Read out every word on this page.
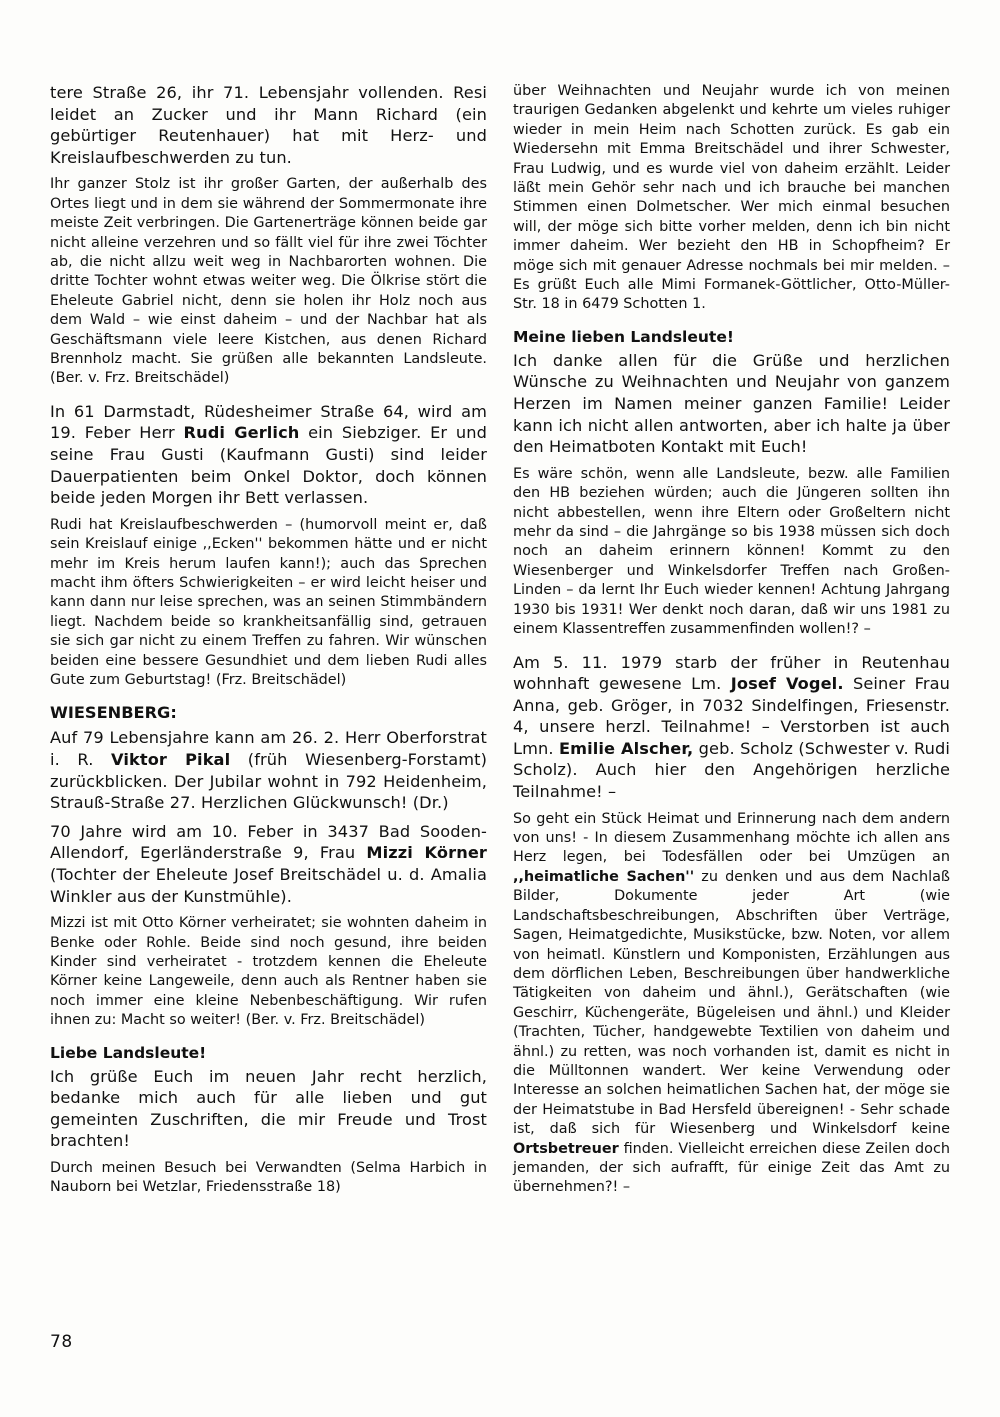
tere Straße 26, ihr 71. Lebensjahr vollenden. Resi leidet an Zucker und ihr Mann Richard (ein gebürtiger Reutenhauer) hat mit Herz- und Kreislaufbeschwerden zu tun.

Ihr ganzer Stolz ist ihr großer Garten, der außerhalb des Ortes liegt und in dem sie während der Sommermonate ihre meiste Zeit verbringen. Die Gartenerträge können beide gar nicht alleine verzehren und so fällt viel für ihre zwei Töchter ab, die nicht allzu weit weg in Nachbarorten wohnen. Die dritte Tochter wohnt etwas weiter weg. Die Ölkrise stört die Eheleute Gabriel nicht, denn sie holen ihr Holz noch aus dem Wald – wie einst daheim – und der Nachbar hat als Geschäftsmann viele leere Kistchen, aus denen Richard Brennholz macht. Sie grüßen alle bekannten Landsleute. (Ber. v. Frz. Breitschädel)

In 61 Darmstadt, Rüdesheimer Straße 64, wird am 19. Feber Herr Rudi Gerlich ein Siebziger. Er und seine Frau Gusti (Kaufmann Gusti) sind leider Dauerpatienten beim Onkel Doktor, doch können beide jeden Morgen ihr Bett verlassen.

Rudi hat Kreislaufbeschwerden – (humorvoll meint er, daß sein Kreislauf einige ,,Ecken'' bekommen hätte und er nicht mehr im Kreis herum laufen kann!); auch das Sprechen macht ihm öfters Schwierigkeiten – er wird leicht heiser und kann dann nur leise sprechen, was an seinen Stimmbändern liegt. Nachdem beide so krankheitsanfällig sind, getrauen sie sich gar nicht zu einem Treffen zu fahren. Wir wünschen beiden eine bessere Gesundhiet und dem lieben Rudi alles Gute zum Geburtstag! (Frz. Breitschädel)

WIESENBERG:

Auf 79 Lebensjahre kann am 26. 2. Herr Oberforstrat i. R. Viktor Pikal (früh Wiesenberg-Forstamt) zurückblicken. Der Jubilar wohnt in 792 Heidenheim, Strauß-Straße 27. Herzlichen Glückwunsch! (Dr.)

70 Jahre wird am 10. Feber in 3437 Bad Sooden-Allendorf, Egerländerstraße 9, Frau Mizzi Körner (Tochter der Eheleute Josef Breitschädel u. d. Amalia Winkler aus der Kunstmühle).

Mizzi ist mit Otto Körner verheiratet; sie wohnten daheim in Benke oder Rohle. Beide sind noch gesund, ihre beiden Kinder sind verheiratet - trotzdem kennen die Eheleute Körner keine Langeweile, denn auch als Rentner haben sie noch immer eine kleine Nebenbeschäftigung. Wir rufen ihnen zu: Macht so weiter! (Ber. v. Frz. Breitschädel)

Liebe Landsleute!

Ich grüße Euch im neuen Jahr recht herzlich, bedanke mich auch für alle lieben und gut gemeinten Zuschriften, die mir Freude und Trost brachten!

Durch meinen Besuch bei Verwandten (Selma Harbich in Nauborn bei Wetzlar, Friedensstraße 18)

über Weihnachten und Neujahr wurde ich von meinen traurigen Gedanken abgelenkt und kehrte um vieles ruhiger wieder in mein Heim nach Schotten zurück. Es gab ein Wiedersehn mit Emma Breitschädel und ihrer Schwester, Frau Ludwig, und es wurde viel von daheim erzählt. Leider läßt mein Gehör sehr nach und ich brauche bei manchen Stimmen einen Dolmetscher. Wer mich einmal besuchen will, der möge sich bitte vorher melden, denn ich bin nicht immer daheim. Wer bezieht den HB in Schopfheim? Er möge sich mit genauer Adresse nochmals bei mir melden. – Es grüßt Euch alle Mimi Formanek-Göttlicher, Otto-Müller-Str. 18 in 6479 Schotten 1.

Meine lieben Landsleute!

Ich danke allen für die Grüße und herzlichen Wünsche zu Weihnachten und Neujahr von ganzem Herzen im Namen meiner ganzen Familie! Leider kann ich nicht allen antworten, aber ich halte ja über den Heimatboten Kontakt mit Euch!

Es wäre schön, wenn alle Landsleute, bezw. alle Familien den HB beziehen würden; auch die Jüngeren sollten ihn nicht abbestellen, wenn ihre Eltern oder Großeltern nicht mehr da sind – die Jahrgänge so bis 1938 müssen sich doch noch an daheim erinnern können! Kommt zu den Wiesenberger und Winkelsdorfer Treffen nach Großen-Linden – da lernt Ihr Euch wieder kennen! Achtung Jahrgang 1930 bis 1931! Wer denkt noch daran, daß wir uns 1981 zu einem Klassentreffen zusammenfinden wollen!? –

Am 5. 11. 1979 starb der früher in Reutenhau wohnhaft gewesene Lm. Josef Vogel. Seiner Frau Anna, geb. Gröger, in 7032 Sindelfingen, Friesenstr. 4, unsere herzl. Teilnahme! – Verstorben ist auch Lmn. Emilie Alscher, geb. Scholz (Schwester v. Rudi Scholz). Auch hier den Angehörigen herzliche Teilnahme! –

So geht ein Stück Heimat und Erinnerung nach dem andern von uns! - In diesem Zusammenhang möchte ich allen ans Herz legen, bei Todesfällen oder bei Umzügen an ,,heimatliche Sachen'' zu denken und aus dem Nachlaß Bilder, Dokumente jeder Art (wie Landschaftsbeschreibungen, Abschriften über Verträge, Sagen, Heimatgedichte, Musikstücke, bzw. Noten, vor allem von heimatl. Künstlern und Komponisten, Erzählungen aus dem dörflichen Leben, Beschreibungen über handwerkliche Tätigkeiten von daheim und ähnl.), Gerätschaften (wie Geschirr, Küchengeräte, Bügeleisen und ähnl.) und Kleider (Trachten, Tücher, handgewebte Textilien von daheim und ähnl.) zu retten, was noch vorhanden ist, damit es nicht in die Mülltonnen wandert. Wer keine Verwendung oder Interesse an solchen heimatlichen Sachen hat, der möge sie der Heimatstube in Bad Hersfeld übereignen! - Sehr schade ist, daß sich für Wiesenberg und Winkelsdorf keine Ortsbetreuer finden. Vielleicht erreichen diese Zeilen doch jemanden, der sich aufrafft, für einige Zeit das Amt zu übernehmen?! –

78
